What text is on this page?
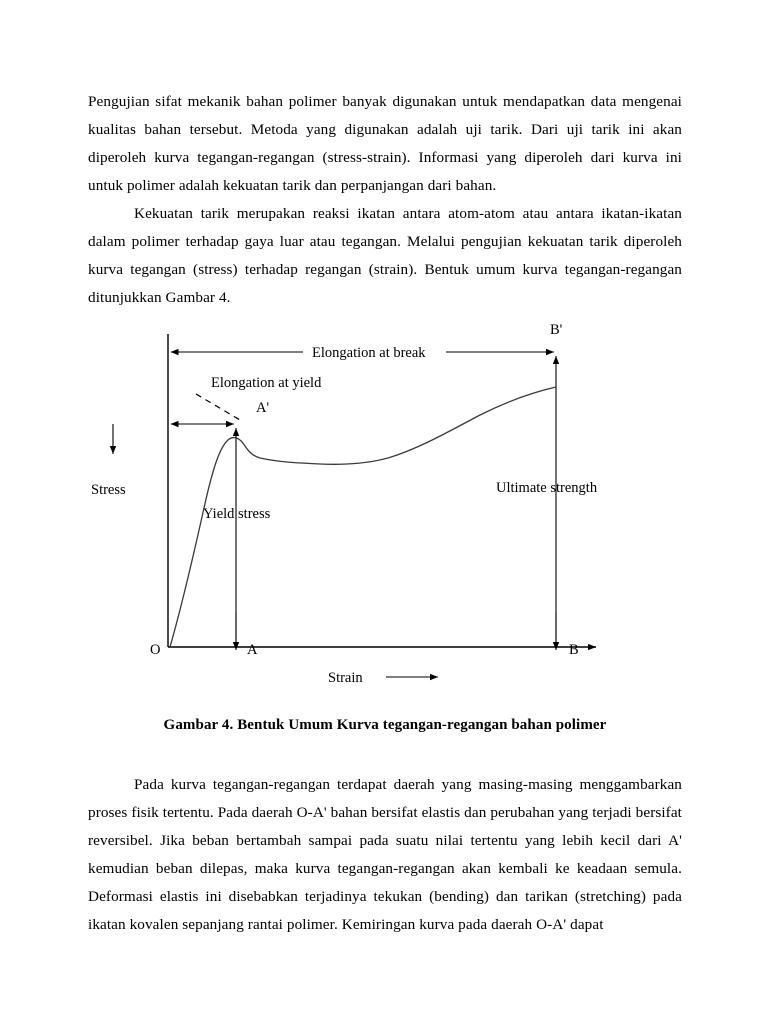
Pengujian sifat mekanik bahan polimer banyak digunakan untuk mendapatkan data mengenai kualitas bahan tersebut. Metoda yang digunakan adalah uji tarik. Dari uji tarik ini akan diperoleh kurva tegangan-regangan (stress-strain). Informasi yang diperoleh dari kurva ini untuk polimer adalah kekuatan tarik dan perpanjangan dari bahan.

Kekuatan tarik merupakan reaksi ikatan antara atom-atom atau antara ikatan-ikatan dalam polimer terhadap gaya luar atau tegangan. Melalui pengujian kekuatan tarik diperoleh kurva tegangan (stress) terhadap regangan (strain). Bentuk umum kurva tegangan-regangan ditunjukkan Gambar 4.

Elongation at break
Elongation at yield
A'
B'
Yield stress
Ultimate strength
Stress
O	A	B
Strain

Gambar 4. Bentuk Umum Kurva tegangan-regangan bahan polimer

Pada kurva tegangan-regangan terdapat daerah yang masing-masing menggambarkan proses fisik tertentu. Pada daerah O-A' bahan bersifat elastis dan perubahan yang terjadi bersifat reversibel. Jika beban bertambah sampai pada suatu nilai tertentu yang lebih kecil dari A' kemudian beban dilepas, maka kurva tegangan-regangan akan kembali ke keadaan semula. Deformasi elastis ini disebabkan terjadinya tekukan (bending) dan tarikan (stretching) pada ikatan kovalen sepanjang rantai polimer. Kemiringan kurva pada daerah O-A' dapat
